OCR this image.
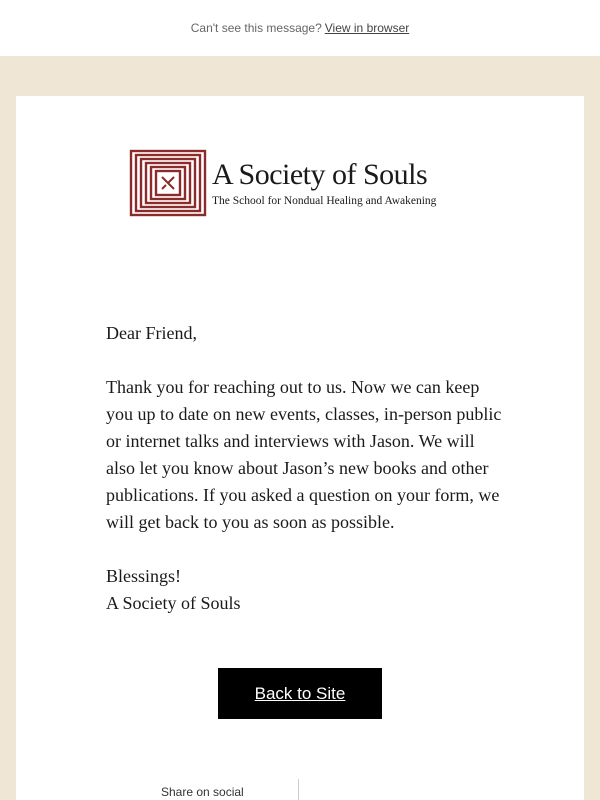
Can't see this message? View in browser
A Society of Souls
The School for Nondual Healing and Awakening

Dear Friend,

Thank you for reaching out to us. Now we can keep you up to date on new events, classes, in-person public or internet talks and interviews with Jason. We will also let you know about Jason’s new books and other publications. If you asked a question on your form, we will get back to you as soon as possible.

Blessings!

A Society of Souls

Back to Site
Share on social
